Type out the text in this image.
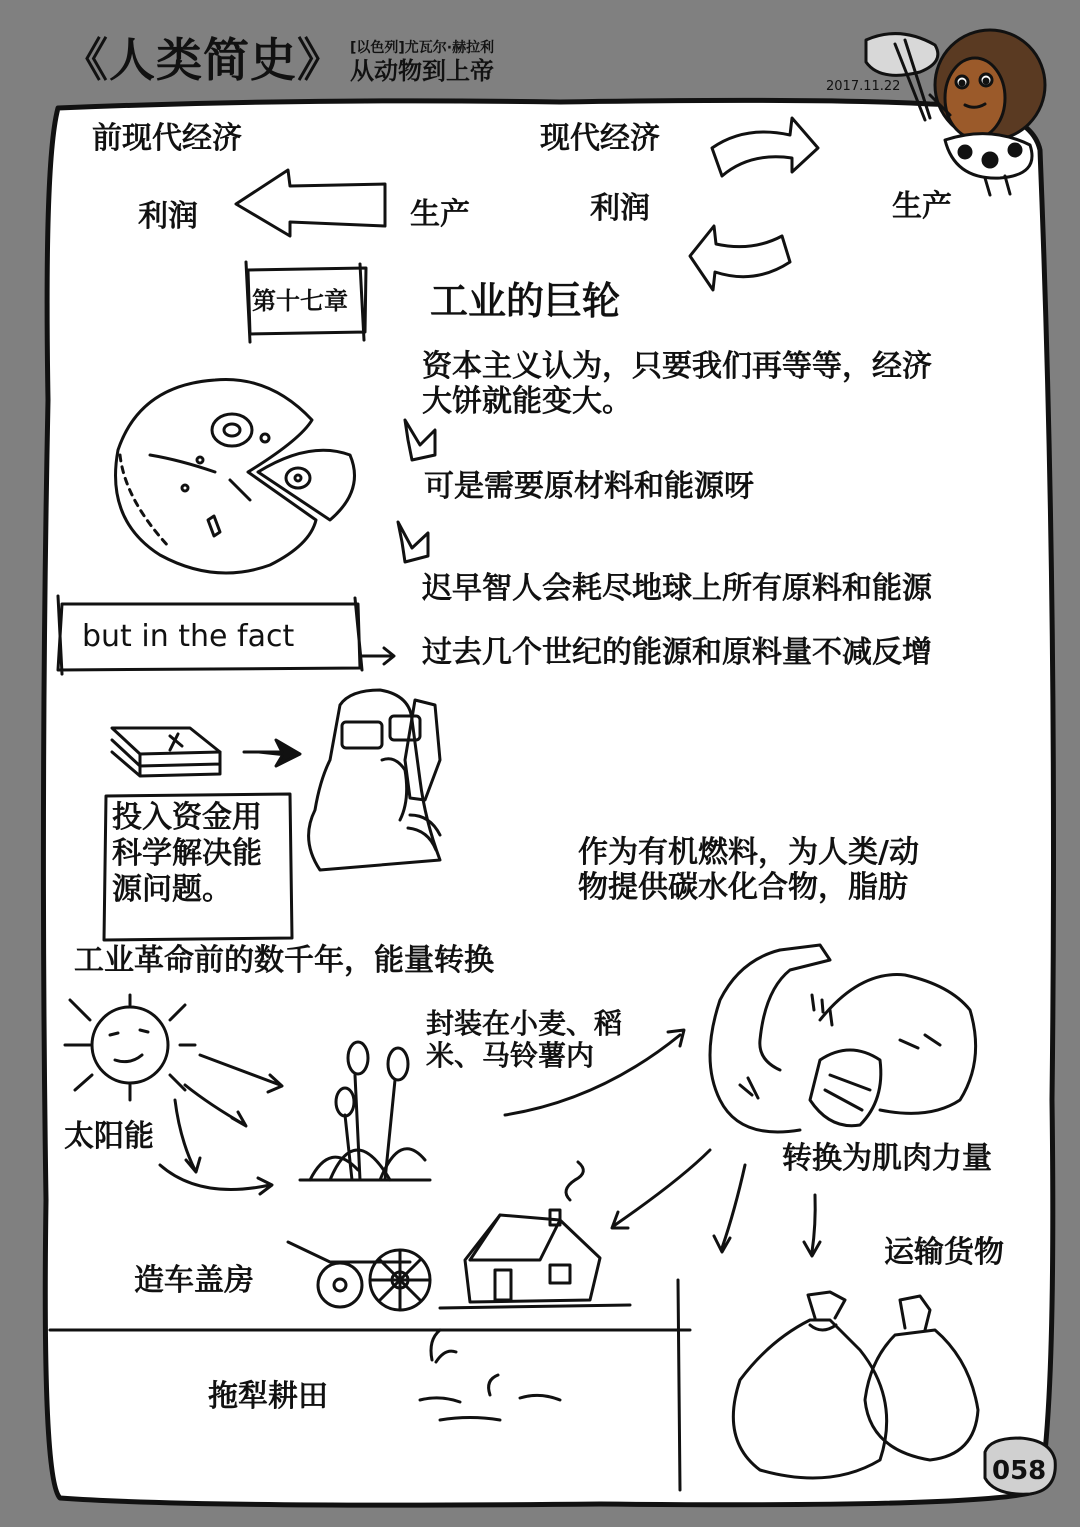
《人类简史》 [以色列]尤瓦尔·赫拉利
从动物到上帝
2017.11.22
前现代经济	现代经济
利润	生产	利润	生产
第十七章 工业的巨轮
资本主义认为，只要我们再等等，经济
大饼就能变大。
可是需要原材料和能源呀
迟早智人会耗尽地球上所有原料和能源
but in the fact	过去几个世纪的能源和原料量不减反增
投入资金用
科学解决能
源问题。
作为有机燃料，为人类/动
物提供碳水化合物，脂肪
工业革命前的数千年，能量转换
太阳能
封装在小麦、稻
米、马铃薯内
转换为肌肉力量
造车盖房
运输货物
拖犁耕田
058
